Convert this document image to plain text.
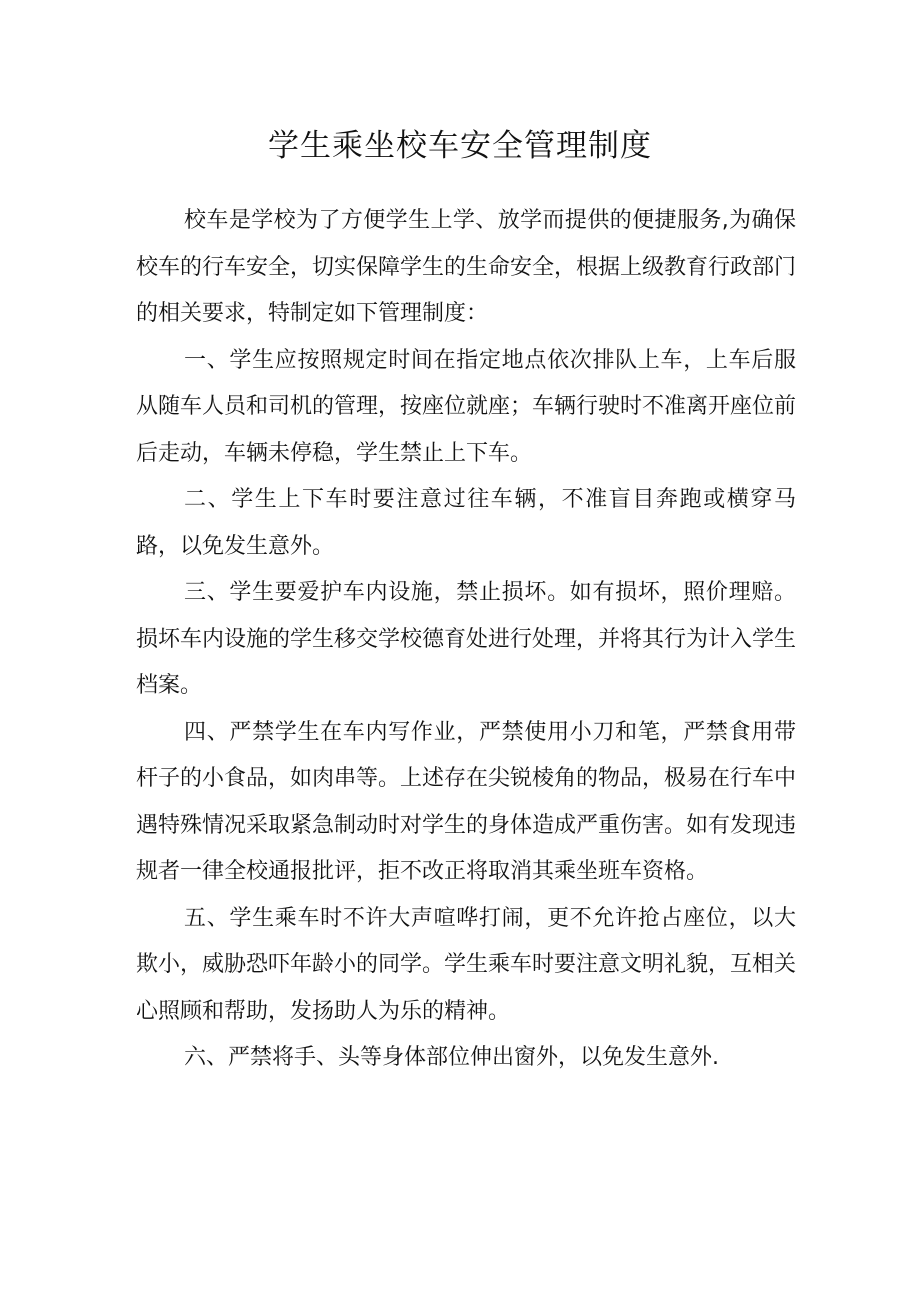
学生乘坐校车安全管理制度

校车是学校为了方便学生上学、放学而提供的便捷服务,为确保校车的行车安全，切实保障学生的生命安全，根据上级教育行政部门的相关要求，特制定如下管理制度：

一、学生应按照规定时间在指定地点依次排队上车，上车后服从随车人员和司机的管理，按座位就座；车辆行驶时不准离开座位前后走动，车辆未停稳，学生禁止上下车。

二、学生上下车时要注意过往车辆，不准盲目奔跑或横穿马路，以免发生意外。

三、学生要爱护车内设施，禁止损坏。如有损坏，照价理赔。损坏车内设施的学生移交学校德育处进行处理，并将其行为计入学生档案。

四、严禁学生在车内写作业，严禁使用小刀和笔，严禁食用带杆子的小食品，如肉串等。上述存在尖锐棱角的物品，极易在行车中遇特殊情况采取紧急制动时对学生的身体造成严重伤害。如有发现违规者一律全校通报批评，拒不改正将取消其乘坐班车资格。

五、学生乘车时不许大声喧哗打闹，更不允许抢占座位，以大欺小，威胁恐吓年龄小的同学。学生乘车时要注意文明礼貌，互相关心照顾和帮助，发扬助人为乐的精神。

六、严禁将手、头等身体部位伸出窗外，以免发生意外.
